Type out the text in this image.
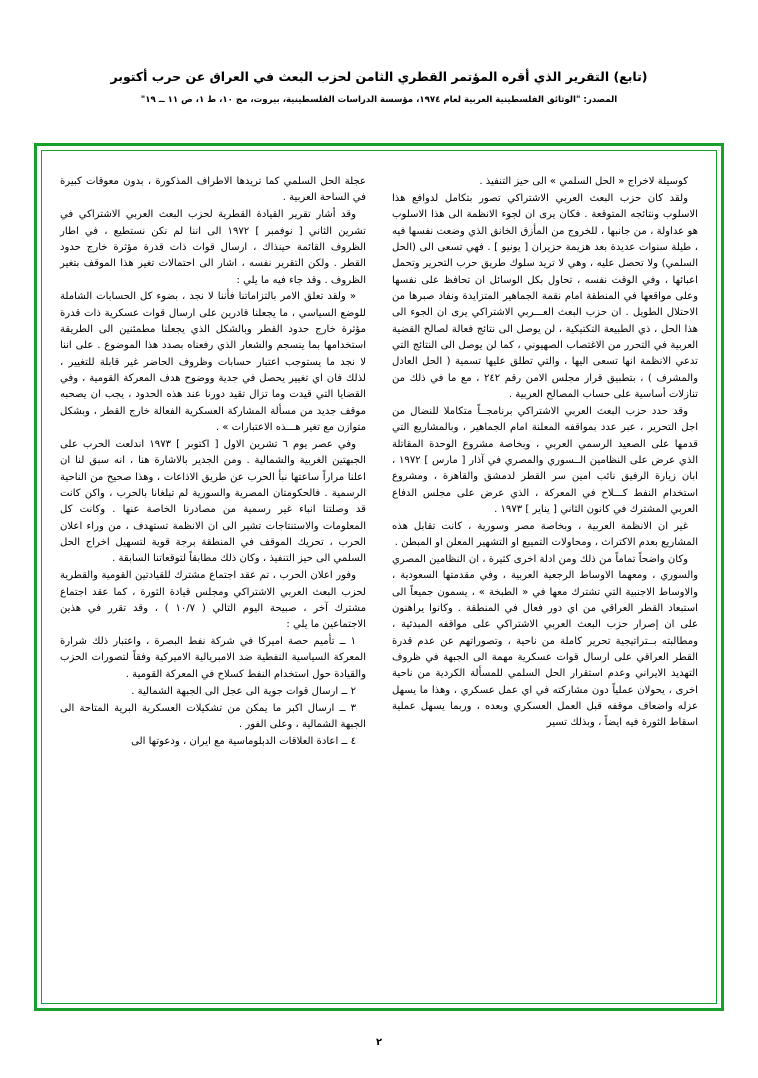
(تابع) التقرير الذي أقره المؤتمر القطري الثامن لحزب البعث في العراق عن حرب أكتوبر
المصدر: "الوثائق الفلسطينية العربية لعام ١٩٧٤، مؤسسة الدراسات الفلسطينية، بيروت، مج ١٠، ط ١، ص ١١ ــ ١٩"

كوسيلة لاخراج « الحل السلمي » الى حيز التنفيذ .

ولقد كان حزب البعث العربي الاشتراكي تصور بتكامل لدوافع هذا الاسلوب ونتائجه المتوقعة . فكان يرى ان لجوء الانظمة الى هذا الاسلوب هو عداولة ، من جانبها ، للخروج من المأزق الخانق الذي وضعت نفسها فيه ، طيلة سنوات عديدة بعد هزيمة حزيران [ يونيو ] . فهي تسعى الى (الحل السلمي) ولا تحصل عليه ، وهي لا تريد سلوك طريق حرب التحرير وتحمل اعبائها ، وفي الوقت نفسه ، تحاول بكل الوسائل ان تحافظ على نفسها وعلى مواقعها في المنطقة امام نقمة الجماهير المتزايدة ونفاد صبرها من الاحتلال الطويل . ان حزب البعث العـــربي الاشتراكي يرى ان الجوء الى هذا الحل ، ذي الطبيعة التكتيكية ، لن يوصل الى نتائج فعالة لصالح القضية العربية في التحرر من الاغتصاب الصهيوني ، كما لن يوصل الى النتائج التي تدعي الانظمة انها تسعى اليها ، والتي تطلق عليها تسمية ( الحل العادل والمشرف ) ، بتطبيق قرار مجلس الامن رقم ٢٤٢ ، مع ما في ذلك من تنازلات أساسية على حساب المصالح العربية .

وقد حدد حزب البعث العربي الاشتراكي برنامجــاً متكاملا للنضال من اجل التحرير ، عبر عدد بمواقفه المعلنة امام الجماهير ، وبالمشاريع التي قدمها على الصعيد الرسمي العربي ، وبخاصة مشروع الوحدة المقاتلة الذي عرض على النظامين الــسوري والمصري في آذار [ مارس ] ١٩٧٢ ، ابان زيارة الرفيق نائب امين سر القطر لدمشق والقاهرة ، ومشروع استخدام النفط كـــلاح في المعركة ، الذي عرض على مجلس الدفاع العربي المشترك في كانون الثاني [ يناير ] ١٩٧٣ .

غير ان الانظمة العربية ، وبخاصة مصر وسورية ، كانت تقابل هذه المشاريع بعدم الاكتراث ، ومحاولات التمييع او التشهير المعلن او المبطن .

وكان واضحاً تماماً من ذلك ومن ادلة اخرى كثيرة ، ان النظامين المصري والسوري ، ومعهما الاوساط الرجعية العربية ، وفي مقدمتها السعودية ، والاوساط الاجنبية التي تشترك معها في « الطبخة » ، يسمون جميعاً الى استبعاد القطر العراقي من اي دور فعال في المنطقة . وكانوا يراهنون على ان إصرار حزب البعث العربي الاشتراكي على مواقفه المبدئية ، ومطالبته بــتراتيجية تحرير كاملة من ناحية ، وتصوراتهم عن عدم قدرة القطر العراقي على ارسال قوات عسكرية مهمة الى الجبهة في ظروف التهديد الايراني وعدم استقرار الحل السلمي للمسألة الكردية من ناحية اخرى ، يحولان عملياً دون مشاركته في اي عمل عسكري ، وهذا ما يسهل عزله واضعاف موقفه قبل العمل العسكري وبعده ، وربما يسهل عملية اسقاط الثورة فيه ايضاً ، وبذلك تسير

عجلة الحل السلمي كما تريدها الاطراف المذكورة ، بدون معوقات كبيرة في الساحة العربية .

وقد أشار تقرير القيادة القطرية لحزب البعث العربي الاشتراكي في تشرين الثاني [ نوفمبر ] ١٩٧٢ الى اننا لم نكن نستطيع ، في اطار الظروف القائمة حينذاك ، ارسال قوات ذات قدرة مؤثرة خارج حدود القطر . ولكن التقرير نفسه ، اشار الى احتمالات تغير هذا الموقف بتغير الظروف . وقد جاء فيه ما يلي :

« ولقد تعلق الامر بالتزاماتنا فأننا لا نجد ، بضوء كل الحسابات الشاملة للوضع السياسي ، ما يجعلنا قادرين على ارسال قوات عسكرية ذات قدرة مؤثرة خارج حدود القطر وبالشكل الذي يجعلنا مطمئنين الى الطريقة استخدامها بما ينسجم والشعار الذي رفعناه بصدد هذا الموضوع . على اننا لا نجد ما يستوجب اعتبار حسابات وظروف الحاضر غير قابلة للتغيير ، لذلك فان اي تغيير يحصل في جدية ووضوح هدف المعركة القومية ، وفي القضايا التي قيدت وما تزال تقيد دورنا عند هذه الحدود ، يجب ان يصحبه موقف جديد من مسألة المشاركة العسكرية الفعالة خارج القطر ، وبشكل متوازن مع تغير هـــذه الاعتبارات » .

وفي عصر يوم ٦ تشرين الاول [ اكتوبر ] ١٩٧٣ اندلعت الحرب على الجبهتين الغربية والشمالية . ومن الجدير بالاشارة هنا ، انه سبق لنا ان اعلنا مراراً ساعتها نبأ الحرب عن طريق الاذاعات ، وهذا صحيح من الناحية الرسمية . فالحكومتان المصرية والسورية لم تبلغانا بالحرب ، واكن كانت قد وصلتنا انباء غير رسمية من مصادرنا الخاصة عنها . وكانت كل المعلومات والاستنتاجات تشير الى ان الانظمة تستهدف ، من وراء اعلان الحرب ، تحريك الموقف في المنطقة برجة قوية لتسهيل اخراج الحل السلمي الى حيز التنفيذ ، وكان ذلك مطابقاً لتوقعاتنا السابقة .

وفور اعلان الحرب ، تم عقد اجتماع مشترك للقيادتين القومية والقطرية لحزب البعث العربي الاشتراكي ومجلس قيادة الثورة ، كما عقد اجتماع مشترك آخر ، صبيحة اليوم التالي ( ١٠/٧ ) ، وقد تقرر في هذين الاجتماعين ما يلي :

١ ــ تأميم حصة اميركا في شركة نفط البصرة ، واعتبار ذلك شرارة المعركة السياسية النفطية ضد الامبريالية الاميركية وفقاً لتصورات الحزب والقيادة حول استخدام النفط كسلاح في المعركة القومية .

٢ ــ ارسال قوات جوية الى عجل الى الجبهة الشمالية .

٣ ــ ارسال اكبر ما يمكن من تشكيلات العسكرية البرية المتاحة الى الجبهة الشمالية ، وعلى الفور .

٤ ــ اعادة العلاقات الدبلوماسية مع ايران ، ودعوتها الى

٢
